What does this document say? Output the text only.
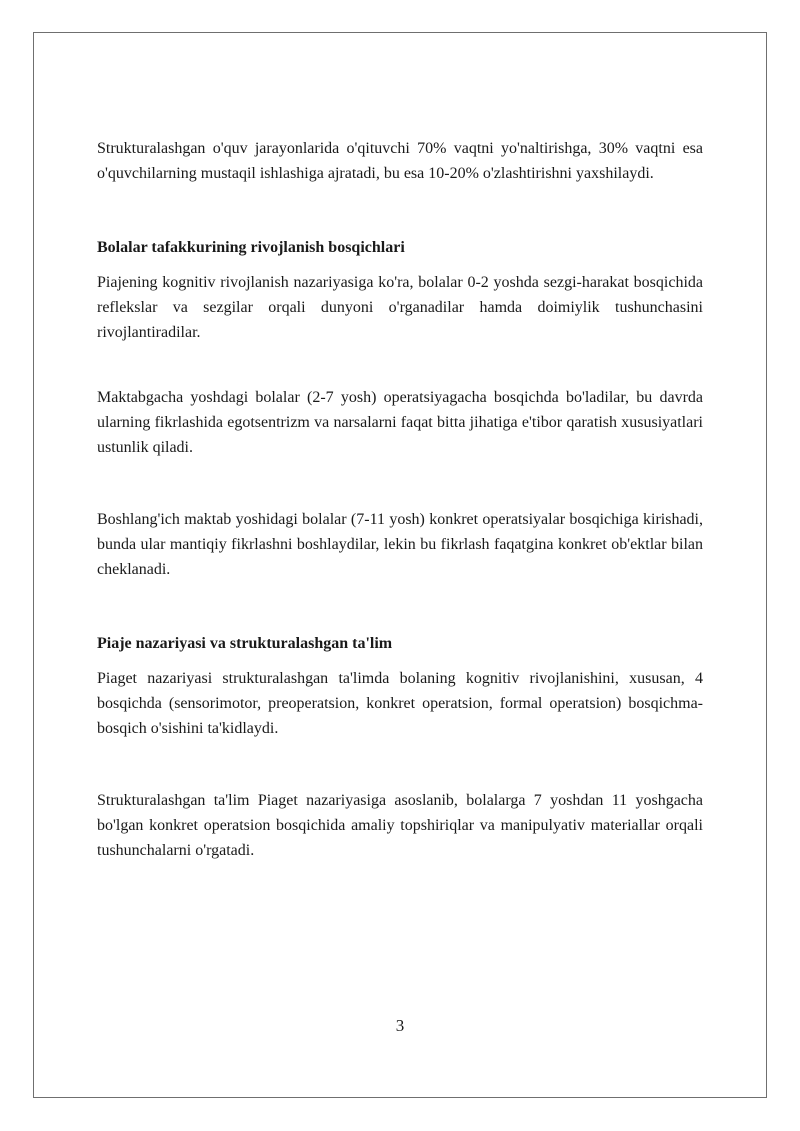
Strukturalashgan o'quv jarayonlarida o'qituvchi 70% vaqtni yo'naltirishga, 30% vaqtni esa o'quvchilarning mustaqil ishlashiga ajratadi, bu esa 10-20% o'zlashtirishni yaxshilaydi.

Bolalar tafakkurining rivojlanish bosqichlari

Piajening kognitiv rivojlanish nazariyasiga ko'ra, bolalar 0-2 yoshda sezgi-harakat bosqichida reflekslar va sezgilar orqali dunyoni o'rganadilar hamda doimiylik tushunchasini rivojlantiradilar.

Maktabgacha yoshdagi bolalar (2-7 yosh) operatsiyagacha bosqichda bo'ladilar, bu davrda ularning fikrlashida egotsentrizm va narsalarni faqat bitta jihatiga e'tibor qaratish xususiyatlari ustunlik qiladi.

Boshlang'ich maktab yoshidagi bolalar (7-11 yosh) konkret operatsiyalar bosqichiga kirishadi, bunda ular mantiqiy fikrlashni boshlaydilar, lekin bu fikrlash faqatgina konkret ob'ektlar bilan cheklanadi.

Piaje nazariyasi va strukturalashgan ta'lim

Piaget nazariyasi strukturalashgan ta'limda bolaning kognitiv rivojlanishini, xususan, 4 bosqichda (sensorimotor, preoperatsion, konkret operatsion, formal operatsion) bosqichma-bosqich o'sishini ta'kidlaydi.

Strukturalashgan ta'lim Piaget nazariyasiga asoslanib, bolalarga 7 yoshdan 11 yoshgacha bo'lgan konkret operatsion bosqichida amaliy topshiriqlar va manipulyativ materiallar orqali tushunchalarni o'rgatadi.

3
